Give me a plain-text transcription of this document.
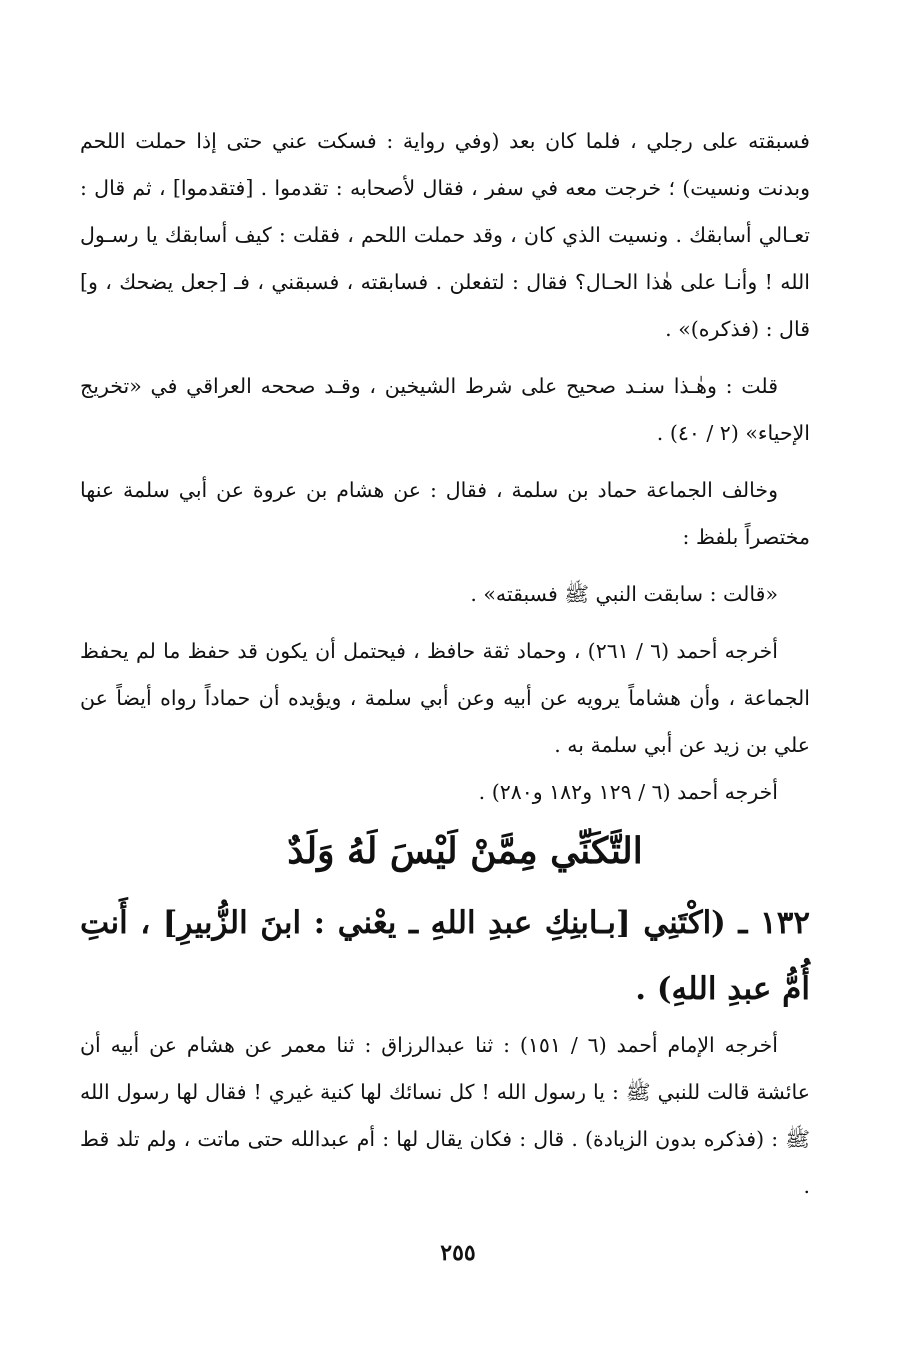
فسبقته على رجلي ، فلما كان بعد (وفي رواية : فسكت عني حتى إذا حملت اللحم وبدنت ونسيت) ؛ خرجت معه في سفر ، فقال لأصحابه : تقدموا . [فتقدموا] ، ثم قال : تعـالي أسابقك . ونسيت الذي كان ، وقد حملت اللحم ، فقلت : كيف أسابقك يا رسـول الله ! وأنـا على هٰذا الحـال؟ فقال : لتفعلن . فسابقته ، فسبقني ، فـ [جعل يضحك ، و] قال : (فذكره)» .

قلت : وهٰـذا سنـد صحيح على شرط الشيخين ، وقـد صححه العراقي في «تخريج الإحياء» (٢ / ٤٠) .

وخالف الجماعة حماد بن سلمة ، فقال : عن هشام بن عروة عن أبي سلمة عنها مختصراً بلفظ :

«قالت : سابقت النبي ﷺ فسبقته» .

أخرجه أحمد (٦ / ٢٦١) ، وحماد ثقة حافظ ، فيحتمل أن يكون قد حفظ ما لم يحفظ الجماعة ، وأن هشاماً يرويه عن أبيه وعن أبي سلمة ، ويؤيده أن حماداً رواه أيضاً عن علي بن زيد عن أبي سلمة به .

أخرجه أحمد (٦ / ١٢٩ و١٨٢ و٢٨٠) .

التَّكَنِّي مِمَّنْ لَيْسَ لَهُ وَلَدٌ
١٣٢ ـ (اكْتَنِي [بـابنِكِ عبدِ اللهِ ـ يعْني : ابنَ الزُّبيرِ] ، أَنتِ أُمُّ عبدِ اللهِ) .

أخرجه الإمام أحمد (٦ / ١٥١) : ثنا عبدالرزاق : ثنا معمر عن هشام عن أبيه أن عائشة قالت للنبي ﷺ : يا رسول الله ! كل نسائك لها كنية غيري ! فقال لها رسول الله ﷺ : (فذكره بدون الزيادة) . قال : فكان يقال لها : أم عبدالله حتى ماتت ، ولم تلد قط .

٢٥٥
